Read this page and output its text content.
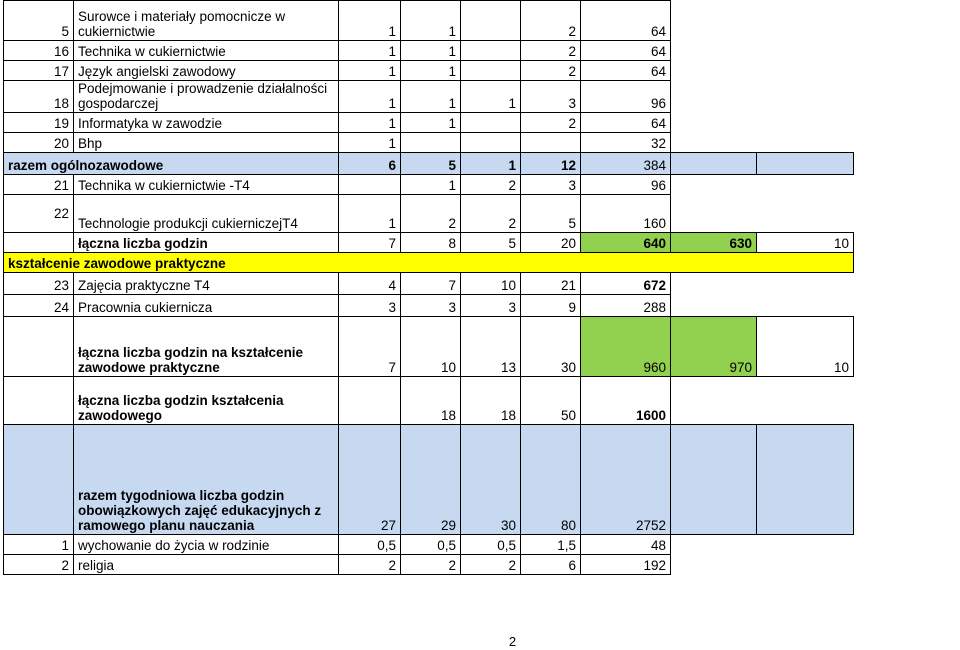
5	Surowce i materiały pomocnicze w cukiernictwie	1	1		2	64		
16	Technika w cukiernictwie	1	1		2	64		
17	Język angielski zawodowy	1	1		2	64		
18	Podejmowanie i prowadzenie działalności gospodarczej	1	1	1	3	96		
19	Informatyka w zawodzie	1	1		2	64		
20	Bhp	1				32		
razem ogólnozawodowe		6	5	1	12	384		
21	Technika w cukiernictwie -T4		1	2	3	96		
22	Technologie produkcji cukierniczejT4	1	2	2	5	160		
	łączna liczba godzin	7	8	5	20	640	630	10
kształcenie zawodowe praktyczne								
23	Zajęcia praktyczne T4	4	7	10	21	672		
24	Pracownia cukiernicza	3	3	3	9	288		
	łączna liczba godzin na kształcenie zawodowe praktyczne	7	10	13	30	960	970	10
	łączna liczba godzin kształcenia zawodowego		18	18	50	1600		
	razem tygodniowa liczba godzin obowiązkowych zajęć edukacyjnych z ramowego planu nauczania	27	29	30	80	2752		
1	wychowanie do życia w rodzinie	0,5	0,5	0,5	1,5	48		
2	religia	2	2	2	6	192		
2
